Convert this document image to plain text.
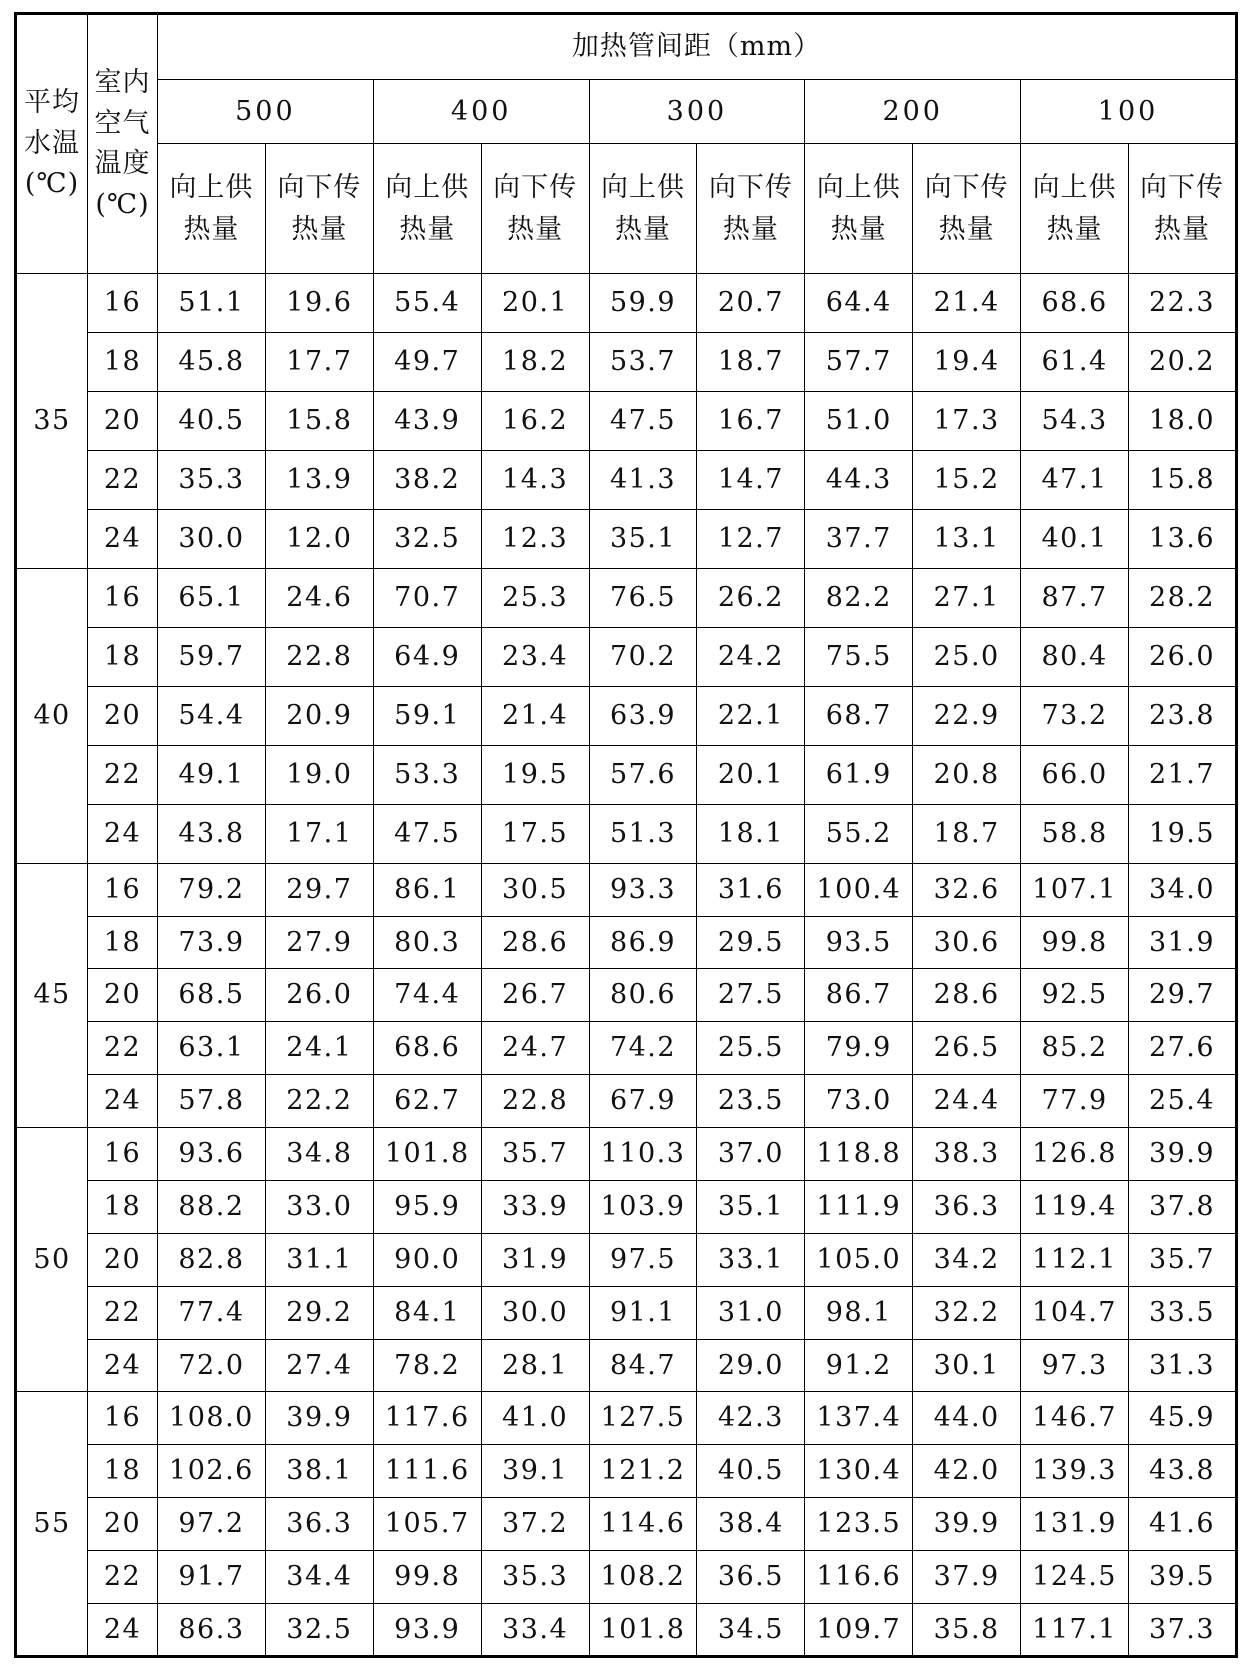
平均水温(℃)	室内空气温度(℃)	加热管间距（mm）									
		500		400		300		200		100	
		向上供热量	向下传热量	向上供热量	向下传热量	向上供热量	向下传热量	向上供热量	向下传热量	向上供热量	向下传热量
35	16	51.1	19.6	55.4	20.1	59.9	20.7	64.4	21.4	68.6	22.3
	18	45.8	17.7	49.7	18.2	53.7	18.7	57.7	19.4	61.4	20.2
	20	40.5	15.8	43.9	16.2	47.5	16.7	51.0	17.3	54.3	18.0
	22	35.3	13.9	38.2	14.3	41.3	14.7	44.3	15.2	47.1	15.8
	24	30.0	12.0	32.5	12.3	35.1	12.7	37.7	13.1	40.1	13.6
40	16	65.1	24.6	70.7	25.3	76.5	26.2	82.2	27.1	87.7	28.2
	18	59.7	22.8	64.9	23.4	70.2	24.2	75.5	25.0	80.4	26.0
	20	54.4	20.9	59.1	21.4	63.9	22.1	68.7	22.9	73.2	23.8
	22	49.1	19.0	53.3	19.5	57.6	20.1	61.9	20.8	66.0	21.7
	24	43.8	17.1	47.5	17.5	51.3	18.1	55.2	18.7	58.8	19.5
45	16	79.2	29.7	86.1	30.5	93.3	31.6	100.4	32.6	107.1	34.0
	18	73.9	27.9	80.3	28.6	86.9	29.5	93.5	30.6	99.8	31.9
	20	68.5	26.0	74.4	26.7	80.6	27.5	86.7	28.6	92.5	29.7
	22	63.1	24.1	68.6	24.7	74.2	25.5	79.9	26.5	85.2	27.6
	24	57.8	22.2	62.7	22.8	67.9	23.5	73.0	24.4	77.9	25.4
50	16	93.6	34.8	101.8	35.7	110.3	37.0	118.8	38.3	126.8	39.9
	18	88.2	33.0	95.9	33.9	103.9	35.1	111.9	36.3	119.4	37.8
	20	82.8	31.1	90.0	31.9	97.5	33.1	105.0	34.2	112.1	35.7
	22	77.4	29.2	84.1	30.0	91.1	31.0	98.1	32.2	104.7	33.5
	24	72.0	27.4	78.2	28.1	84.7	29.0	91.2	30.1	97.3	31.3
55	16	108.0	39.9	117.6	41.0	127.5	42.3	137.4	44.0	146.7	45.9
	18	102.6	38.1	111.6	39.1	121.2	40.5	130.4	42.0	139.3	43.8
	20	97.2	36.3	105.7	37.2	114.6	38.4	123.5	39.9	131.9	41.6
	22	91.7	34.4	99.8	35.3	108.2	36.5	116.6	37.9	124.5	39.5
	24	86.3	32.5	93.9	33.4	101.8	34.5	109.7	35.8	117.1	37.3
